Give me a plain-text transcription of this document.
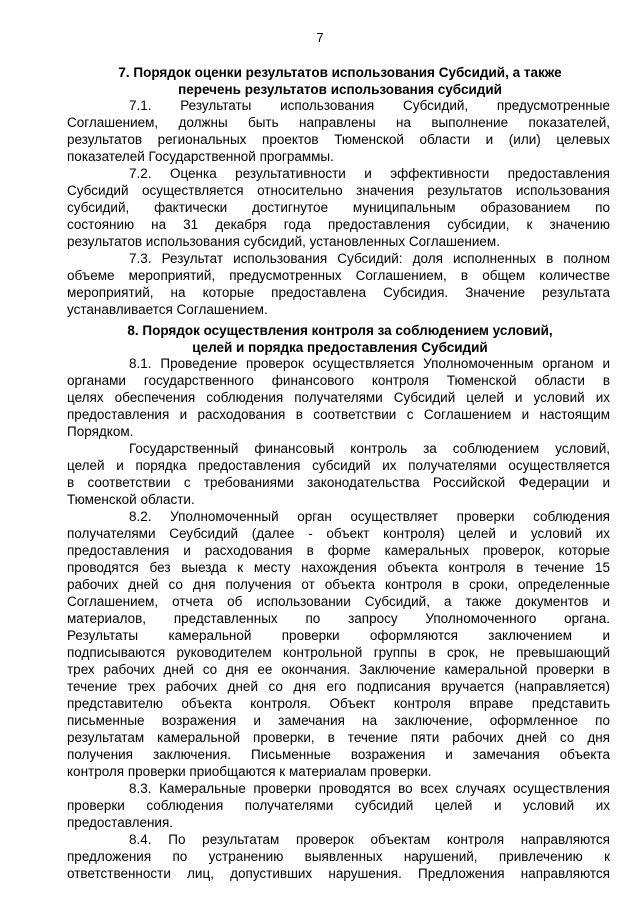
7
7. Порядок оценки результатов использования Субсидий, а также
перечень результатов использования субсидий
7.1. Результаты использования Субсидий, предусмотренные
Соглашением, должны быть направлены на выполнение показателей,
результатов региональных проектов Тюменской области и (или) целевых
показателей Государственной программы.
7.2. Оценка результативности и эффективности предоставления
Субсидий осуществляется относительно значения результатов использования
субсидий, фактически достигнутое муниципальным образованием по
состоянию на 31 декабря года предоставления субсидии, к значению
результатов использования субсидий, установленных Соглашением.
7.3. Результат использования Субсидий: доля исполненных в полном
объеме мероприятий, предусмотренных Соглашением, в общем количестве
мероприятий, на которые предоставлена Субсидия. Значение результата
устанавливается Соглашением.
8. Порядок осуществления контроля за соблюдением условий,
целей и порядка предоставления Субсидий
8.1. Проведение проверок осуществляется Уполномоченным органом и
органами государственного финансового контроля Тюменской области в
целях обеспечения соблюдения получателями Субсидий целей и условий их
предоставления и расходования в соответствии с Соглашением и настоящим
Порядком.
Государственный финансовый контроль за соблюдением условий,
целей и порядка предоставления субсидий их получателями осуществляется
в соответствии с требованиями законодательства Российской Федерации и
Тюменской области.
8.2. Уполномоченный орган осуществляет проверки соблюдения
получателями Сеубсидий (далее - объект контроля) целей и условий их
предоставления и расходования в форме камеральных проверок, которые
проводятся без выезда к месту нахождения объекта контроля в течение 15
рабочих дней со дня получения от объекта контроля в сроки, определенные
Соглашением, отчета об использовании Субсидий, а также документов и
материалов, представленных по запросу Уполномоченного органа.
Результаты камеральной проверки оформляются заключением и
подписываются руководителем контрольной группы в срок, не превышающий
трех рабочих дней со дня ее окончания. Заключение камеральной проверки в
течение трех рабочих дней со дня его подписания вручается (направляется)
представителю объекта контроля. Объект контроля вправе представить
письменные возражения и замечания на заключение, оформленное по
результатам камеральной проверки, в течение пяти рабочих дней со дня
получения заключения. Письменные возражения и замечания объекта
контроля проверки приобщаются к материалам проверки.
8.3. Камеральные проверки проводятся во всех случаях осуществления
проверки соблюдения получателями субсидий целей и условий их
предоставления.
8.4. По результатам проверок объектам контроля направляются
предложения по устранению выявленных нарушений, привлечению к
ответственности лиц, допустивших нарушения. Предложения направляются
